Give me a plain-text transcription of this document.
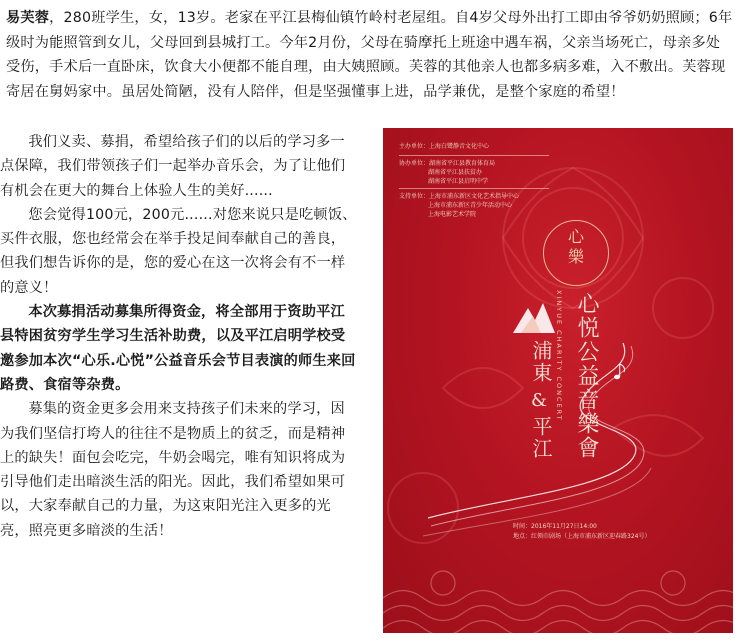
易芙蓉，280班学生，女，13岁。老家在平江县梅仙镇竹岭村老屋组。自4岁父母外出打工即由爷爷奶奶照顾；6年级时为能照管到女儿，父母回到县城打工。今年2月份，父母在骑摩托上班途中遇车祸，父亲当场死亡，母亲多处受伤，手术后一直卧床，饮食大小便都不能自理，由大姨照顾。芙蓉的其他亲人也都多病多难，入不敷出。芙蓉现寄居在舅妈家中。虽居处简陋，没有人陪伴，但是坚强懂事上进，品学兼优，是整个家庭的希望！

我们义卖、募捐，希望给孩子们的以后的学习多一点保障，我们带领孩子们一起举办音乐会，为了让他们有机会在更大的舞台上体验人生的美好......

您会觉得100元，200元......对您来说只是吃顿饭、买件衣服，您也经常会在举手投足间奉献自己的善良，但我们想告诉你的是，您的爱心在这一次将会有不一样的意义！

本次募捐活动募集所得资金，将全部用于资助平江县特困贫穷学生学习生活补助费，以及平江启明学校受邀参加本次“心乐.心悦”公益音乐会节目表演的师生来回路费、食宿等杂费。

募集的资金更多会用来支持孩子们未来的学习，因为我们坚信打垮人的往往不是物质上的贫乏，而是精神上的缺失！面包会吃完，牛奶会喝完，唯有知识将成为引导他们走出暗淡生活的阳光。因此，我们希望如果可以，大家奉献自己的力量，为这束阳光注入更多的光亮，照亮更多暗淡的生活！

主办单位：上海白鹭静音文化中心
协办单位：湖南省平江县教育体育局
湖南省平江县扶贫办
湖南省平江县启明中学
支持单位：上海市浦东新区文化艺术指导中心
上海市浦东新区青少年活动中心
上海电影艺术学院
心
樂
XINYUE CHARITY CONCERT 心悦公益音樂會
浦東
&
平江
时间：2016年11月27日14:00
地点：红领巾剧场（上海市浦东新区迎春路324号）
